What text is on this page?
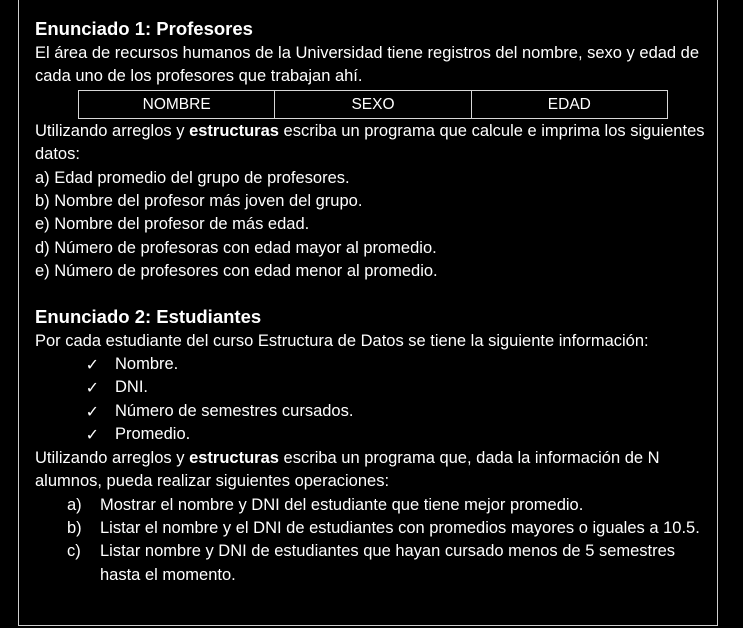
Enunciado 1: Profesores

El área de recursos humanos de la Universidad tiene registros del nombre, sexo y edad de cada uno de los profesores que trabajan ahí.

NOMBRE	SEXO	EDAD

Utilizando arreglos y estructuras escriba un programa que calcule e imprima los siguientes datos:

a) Edad promedio del grupo de profesores.

b) Nombre del profesor más joven del grupo.

e) Nombre del profesor de más edad.

d) Número de profesoras con edad mayor al promedio.

e) Número de profesores con edad menor al promedio.

Enunciado 2: Estudiantes

Por cada estudiante del curso Estructura de Datos se tiene la siguiente información:

✓ Nombre.
✓ DNI.
✓ Número de semestres cursados.
✓ Promedio.

Utilizando arreglos y estructuras escriba un programa que, dada la información de N alumnos, pueda realizar siguientes operaciones:

a)	Mostrar el nombre y DNI del estudiante que tiene mejor promedio.
b)	Listar el nombre y el DNI de estudiantes con promedios mayores o iguales a 10.5.
c)	Listar nombre y DNI de estudiantes que hayan cursado menos de 5 semestres hasta el momento.
